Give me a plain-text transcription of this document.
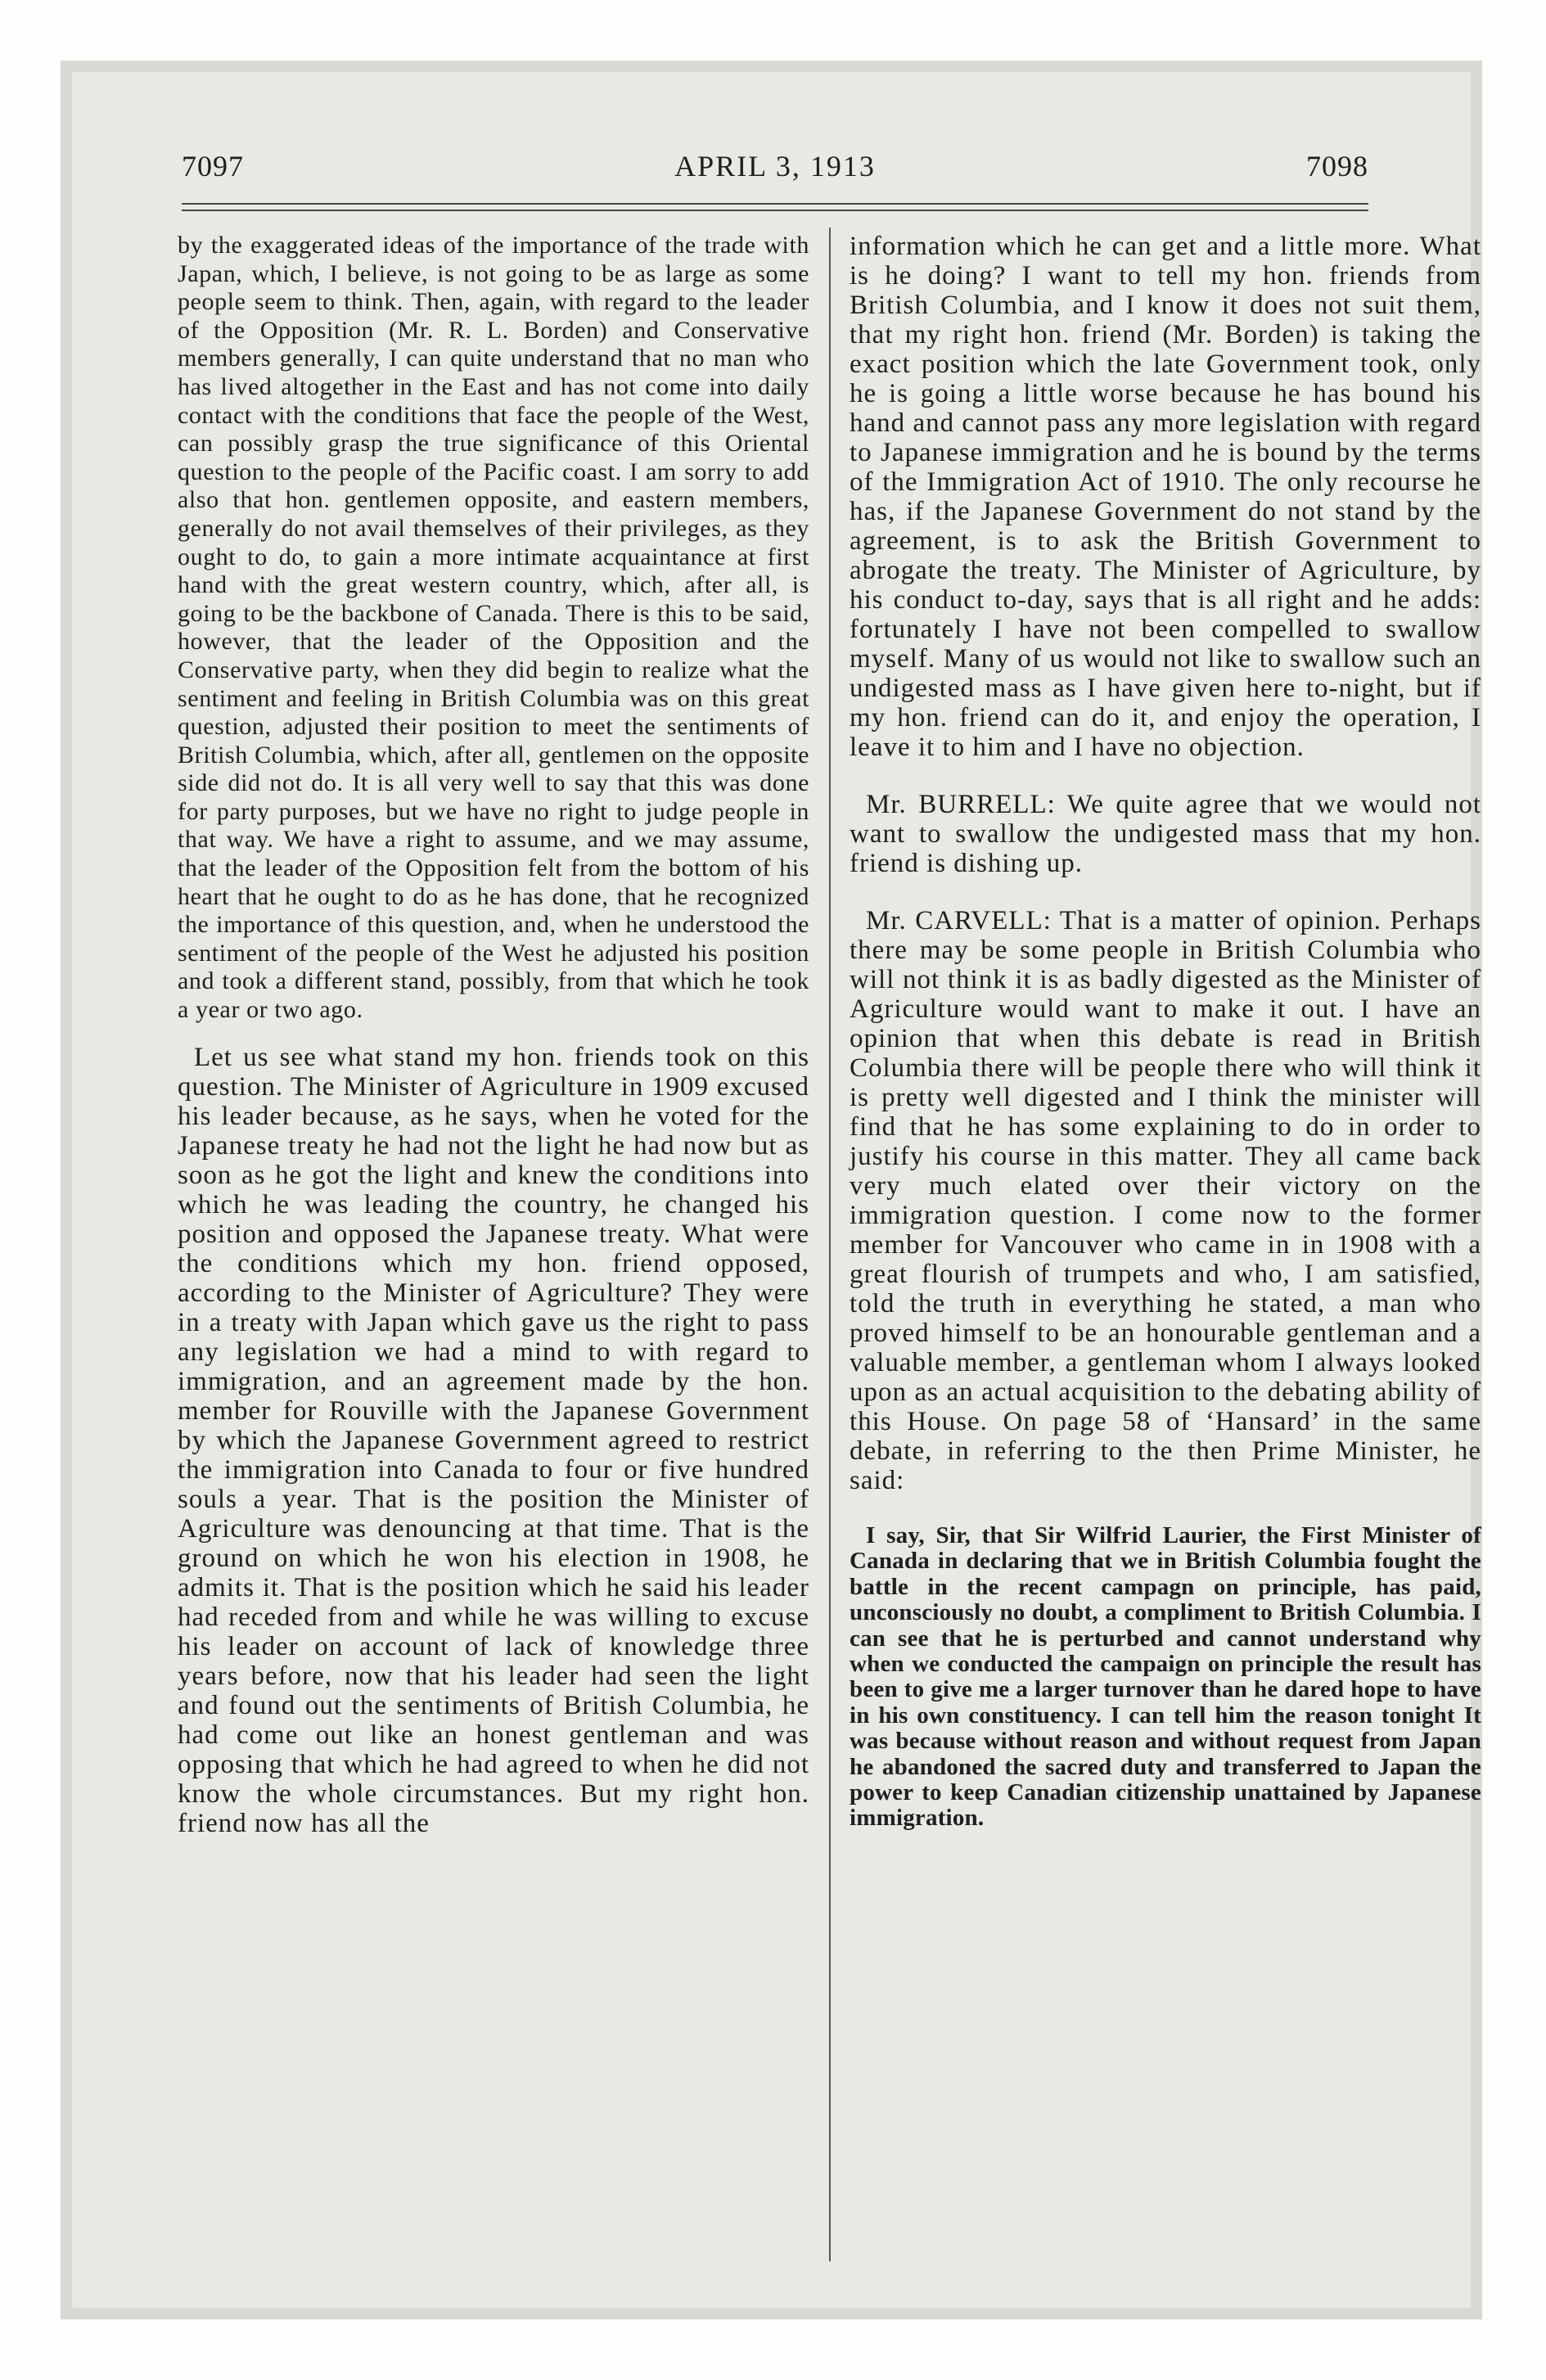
7097	APRIL 3, 1913	7098

by the exaggerated ideas of the importance of the trade with Japan, which, I believe, is not going to be as large as some people seem to think. Then, again, with regard to the leader of the Opposition (Mr. R. L. Borden) and Conservative members generally, I can quite understand that no man who has lived altogether in the East and has not come into daily contact with the conditions that face the people of the West, can possibly grasp the true significance of this Oriental question to the people of the Pacific coast. I am sorry to add also that hon. gentlemen opposite, and eastern members, generally do not avail themselves of their privileges, as they ought to do, to gain a more intimate acquaintance at first hand with the great western country, which, after all, is going to be the backbone of Canada. There is this to be said, however, that the leader of the Opposition and the Conservative party, when they did begin to realize what the sentiment and feeling in British Columbia was on this great question, adjusted their position to meet the sentiments of British Columbia, which, after all, gentlemen on the opposite side did not do. It is all very well to say that this was done for party purposes, but we have no right to judge people in that way. We have a right to assume, and we may assume, that the leader of the Opposition felt from the bottom of his heart that he ought to do as he has done, that he recognized the importance of this question, and, when he understood the sentiment of the people of the West he adjusted his position and took a different stand, possibly, from that which he took a year or two ago.

Let us see what stand my hon. friends took on this question. The Minister of Agriculture in 1909 excused his leader because, as he says, when he voted for the Japanese treaty he had not the light he had now but as soon as he got the light and knew the conditions into which he was leading the country, he changed his position and opposed the Japanese treaty. What were the conditions which my hon. friend opposed, according to the Minister of Agriculture? They were in a treaty with Japan which gave us the right to pass any legislation we had a mind to with regard to immigration, and an agreement made by the hon. member for Rouville with the Japanese Government by which the Japanese Government agreed to restrict the immigration into Canada to four or five hundred souls a year. That is the position the Minister of Agriculture was denouncing at that time. That is the ground on which he won his election in 1908, he admits it. That is the position which he said his leader had receded from and while he was willing to excuse his leader on account of lack of knowledge three years before, now that his leader had seen the light and found out the sentiments of British Columbia, he had come out like an honest gentleman and was opposing that which he had agreed to when he did not know the whole circumstances. But my right hon. friend now has all the

information which he can get and a little more. What is he doing? I want to tell my hon. friends from British Columbia, and I know it does not suit them, that my right hon. friend (Mr. Borden) is taking the exact position which the late Government took, only he is going a little worse because he has bound his hand and cannot pass any more legislation with regard to Japanese immigration and he is bound by the terms of the Immigration Act of 1910. The only recourse he has, if the Japanese Government do not stand by the agreement, is to ask the British Government to abrogate the treaty. The Minister of Agriculture, by his conduct to-day, says that is all right and he adds: fortunately I have not been compelled to swallow myself. Many of us would not like to swallow such an undigested mass as I have given here to-night, but if my hon. friend can do it, and enjoy the operation, I leave it to him and I have no objection.

Mr. BURRELL: We quite agree that we would not want to swallow the undigested mass that my hon. friend is dishing up.

Mr. CARVELL: That is a matter of opinion. Perhaps there may be some people in British Columbia who will not think it is as badly digested as the Minister of Agriculture would want to make it out. I have an opinion that when this debate is read in British Columbia there will be people there who will think it is pretty well digested and I think the minister will find that he has some explaining to do in order to justify his course in this matter. They all came back very much elated over their victory on the immigration question. I come now to the former member for Vancouver who came in in 1908 with a great flourish of trumpets and who, I am satisfied, told the truth in everything he stated, a man who proved himself to be an honourable gentleman and a valuable member, a gentleman whom I always looked upon as an actual acquisition to the debating ability of this House. On page 58 of ‘Hansard’ in the same debate, in referring to the then Prime Minister, he said:

I say, Sir, that Sir Wilfrid Laurier, the First Minister of Canada in declaring that we in British Columbia fought the battle in the recent campagn on principle, has paid, unconsciously no doubt, a compliment to British Columbia. I can see that he is perturbed and cannot understand why when we conducted the campaign on principle the result has been to give me a larger turnover than he dared hope to have in his own constituency. I can tell him the reason tonight It was because without reason and without request from Japan he abandoned the sacred duty and transferred to Japan the power to keep Canadian citizenship unattained by Japanese immigration.
